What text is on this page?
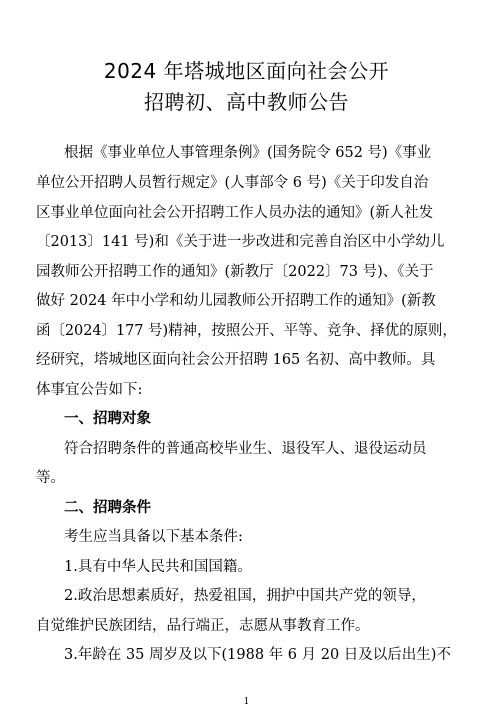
2024 年塔城地区面向社会公开
招聘初、高中教师公告
根据《事业单位人事管理条例》(国务院令 652 号)《事业
单位公开招聘人员暂行规定》(人事部令 6 号)《关于印发自治
区事业单位面向社会公开招聘工作人员办法的通知》(新人社发
〔2013〕141 号)和《关于进一步改进和完善自治区中小学幼儿
园教师公开招聘工作的通知》(新教厅〔2022〕73 号)、《关于
做好 2024 年中小学和幼儿园教师公开招聘工作的通知》(新教
函〔2024〕177 号)精神，按照公开、平等、竞争、择优的原则，
经研究，塔城地区面向社会公开招聘 165 名初、高中教师。具
体事宜公告如下:
一、招聘对象
符合招聘条件的普通高校毕业生、退役军人、退役运动员
等。
二、招聘条件
考生应当具备以下基本条件:
1.具有中华人民共和国国籍。
2.政治思想素质好，热爱祖国，拥护中国共产党的领导，
自觉维护民族团结，品行端正，志愿从事教育工作。
3.年龄在 35 周岁及以下(1988 年 6 月 20 日及以后出生)不
1
